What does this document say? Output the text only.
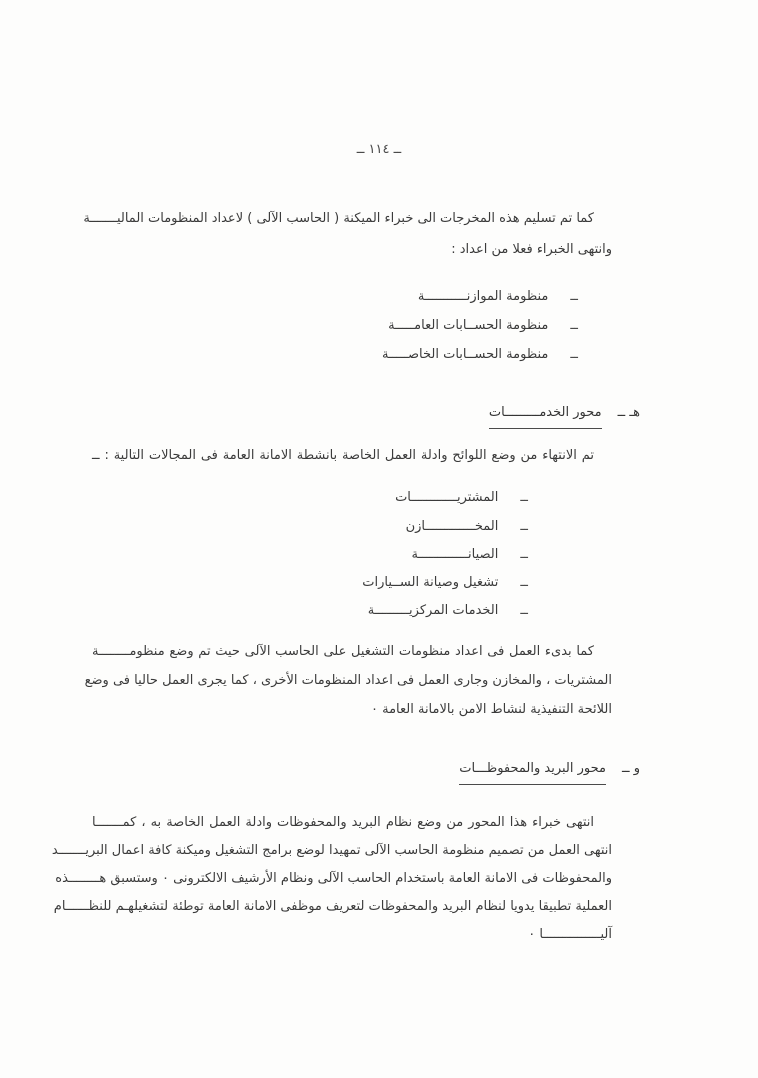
ــ ١١٤ ــ
كما تم تسليم هذه المخرجات الى خبراء الميكنة ( الحاسب الآلى ) لاعداد المنظومات الماليـــــــة
وانتهى الخبراء فعلا من اعداد :
ــمنظومة الموازنـــــــــــة
ــمنظومة الحســابات العامـــــة
ــمنظومة الحســابات الخاصـــــة
هـ ــمحور الخدمـــــــــات
تم الانتهاء من وضع اللوائح وادلة العمل الخاصة بانشطة الامانة العامة فى المجالات التالية : ــ
ــالمشتريــــــــــــات
ــالمخـــــــــــــازن
ــالصيانـــــــــــــة
ــتشغيل وصيانة الســيارات
ــالخدمات المركزيـــــــــة
كما بدىء العمل فى اعداد منظومات التشغيل على الحاسب الآلى حيث تم وضع منظومــــــــة
المشتريات ، والمخازن وجارى العمل فى اعداد المنظومات الأخرى ، كما يجرى العمل حاليا فى وضع
اللائحة التنفيذية لنشاط الامن بالامانة العامة ٠
و ــمحور البريد والمحفوظـــات
انتهى خبراء هذا المحور من وضع نظام البريد والمحفوظات وادلة العمل الخاصة به ، كمـــــــا
انتهى العمل من تصميم منظومة الحاسب الآلى تمهيدا لوضع برامج التشغيل وميكنة كافة اعمال البريـــــــد
والمحفوظات فى الامانة العامة باستخدام الحاسب الآلى ونظام الأرشيف الالكترونى ٠ وستسبق هــــــــذه
العملية تطبيقا يدويا لنظام البريد والمحفوظات لتعريف موظفى الامانة العامة توطئة لتشغيلهـم للنظــــــام
آليـــــــــــــــا ٠
